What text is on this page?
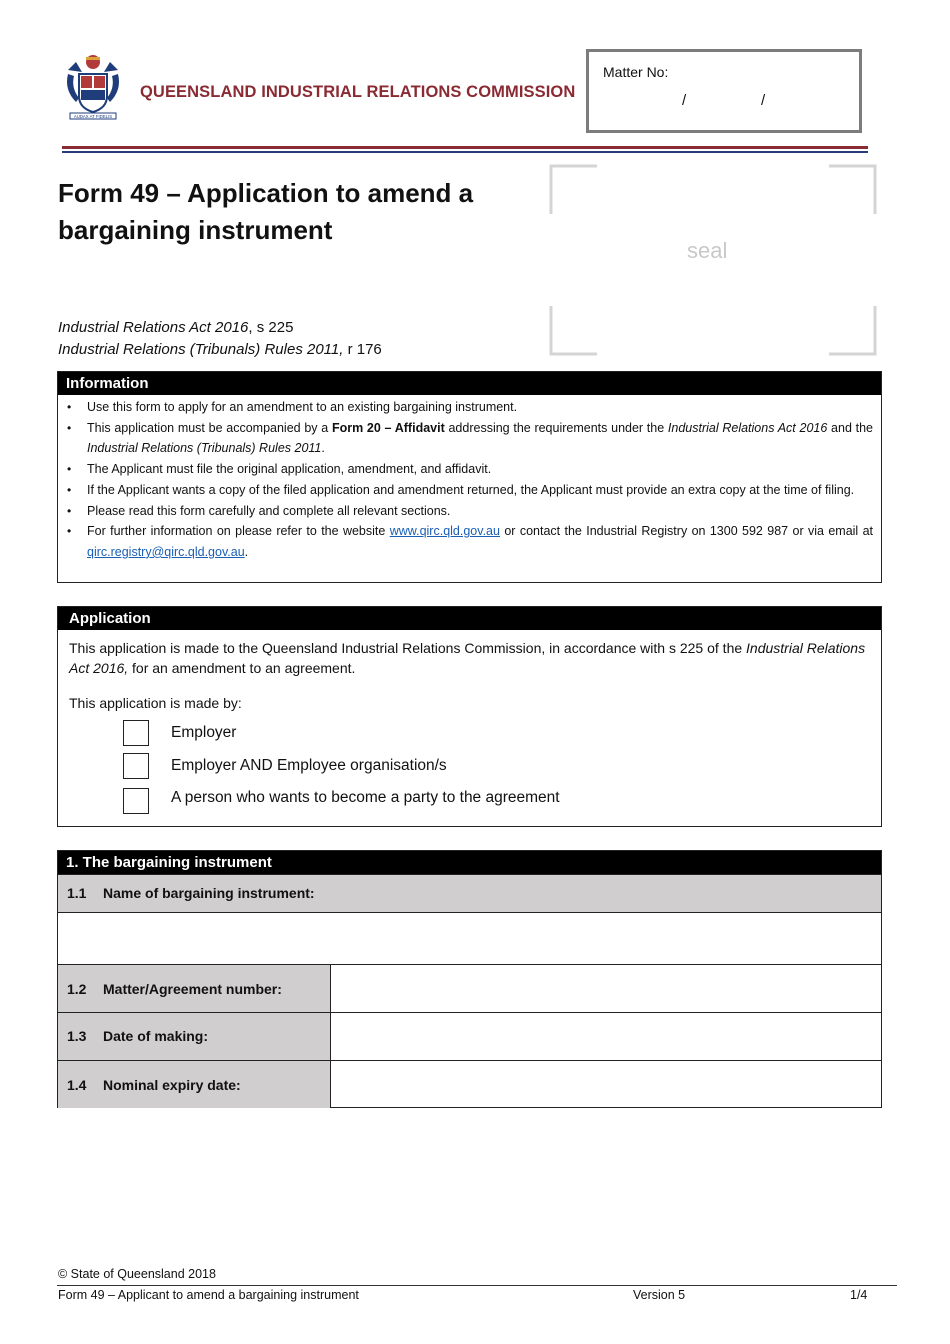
AUDAX AT FIDELIS
QUEENSLAND INDUSTRIAL RELATIONS COMMISSION
Matter No:
/	/
Form 49 – Application to amend a
bargaining instrument
seal
Industrial Relations Act 2016, s 225
Industrial Relations (Tribunals) Rules 2011, r 176
Information
• Use this form to apply for an amendment to an existing bargaining instrument.
• This application must be accompanied by a Form 20 – Affidavit addressing the requirements under the Industrial Relations Act 2016 and the Industrial Relations (Tribunals) Rules 2011.
• The Applicant must file the original application, amendment, and affidavit.
• If the Applicant wants a copy of the filed application and amendment returned, the Applicant must provide an extra copy at the time of filing.
• Please read this form carefully and complete all relevant sections.
• For further information on please refer to the website www.qirc.qld.gov.au or contact the Industrial Registry on 1300 592 987 or via email at qirc.registry@qirc.qld.gov.au.
Application
This application is made to the Queensland Industrial Relations Commission, in accordance with s 225 of the Industrial Relations Act 2016, for an amendment to an agreement.
This application is made by:
Employer
Employer AND Employee organisation/s
A person who wants to become a party to the agreement
1. The bargaining instrument
1.1 Name of bargaining instrument:
1.2 Matter/Agreement number:
1.3 Date of making:
1.4 Nominal expiry date:
© State of Queensland 2018
Form 49 – Applicant to amend a bargaining instrument	Version 5	1/4
